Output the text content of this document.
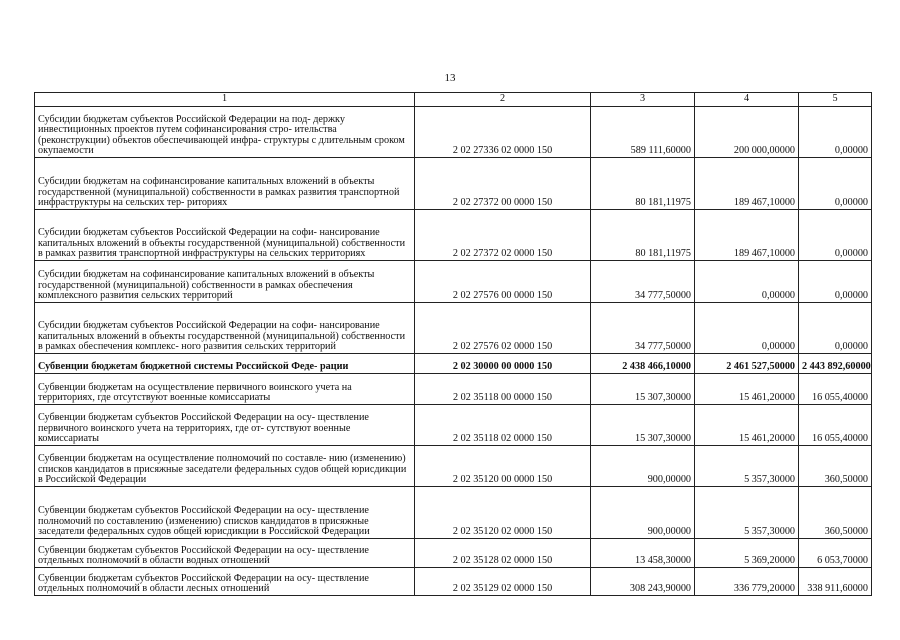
13
1	2	3	4	5
Субсидии бюджетам субъектов Российской Федерации на под- держку инвестиционных проектов путем софинансирования стро- ительства (реконструкции) объектов обеспечивающей инфра- структуры с длительным сроком окупаемости	2 02 27336 02 0000 150	589 111,60000	200 000,00000	0,00000
Субсидии бюджетам на софинансирование капитальных вложений в объекты государственной (муниципальной) собственности в рамках развития транспортной инфраструктуры на сельских тер- риториях	2 02 27372 00 0000 150	80 181,11975	189 467,10000	0,00000
Субсидии бюджетам субъектов Российской Федерации на софи- нансирование капитальных вложений в объекты государственной (муниципальной) собственности в рамках развития транспортной инфраструктуры на сельских территориях	2 02 27372 02 0000 150	80 181,11975	189 467,10000	0,00000
Субсидии бюджетам на софинансирование капитальных вложений в объекты государственной (муниципальной) собственности в рамках обеспечения комплексного развития сельских территорий	2 02 27576 00 0000 150	34 777,50000	0,00000	0,00000
Субсидии бюджетам субъектов Российской Федерации на софи- нансирование капитальных вложений в объекты государственной (муниципальной) собственности в рамках обеспечения комплекс- ного развития сельских территорий	2 02 27576 02 0000 150	34 777,50000	0,00000	0,00000
Субвенции бюджетам бюджетной системы Российской Феде- рации	2 02 30000 00 0000 150	2 438 466,10000	2 461 527,50000	2 443 892,60000
Субвенции бюджетам на осуществление первичного воинского учета на территориях, где отсутствуют военные комиссариаты	2 02 35118 00 0000 150	15 307,30000	15 461,20000	16 055,40000
Субвенции бюджетам субъектов Российской Федерации на осу- ществление первичного воинского учета на территориях, где от- сутствуют военные комиссариаты	2 02 35118 02 0000 150	15 307,30000	15 461,20000	16 055,40000
Субвенции бюджетам на осуществление полномочий по составле- нию (изменению) списков кандидатов в присяжные заседатели федеральных судов общей юрисдикции в Российской Федерации	2 02 35120 00 0000 150	900,00000	5 357,30000	360,50000
Субвенции бюджетам субъектов Российской Федерации на осу- ществление полномочий по составлению (изменению) списков кандидатов в присяжные заседатели федеральных судов общей юрисдикции в Российской Федерации	2 02 35120 02 0000 150	900,00000	5 357,30000	360,50000
Субвенции бюджетам субъектов Российской Федерации на осу- ществление отдельных полномочий в области водных отношений	2 02 35128 02 0000 150	13 458,30000	5 369,20000	6 053,70000
Субвенции бюджетам субъектов Российской Федерации на осу- ществление отдельных полномочий в области лесных отношений	2 02 35129 02 0000 150	308 243,90000	336 779,20000	338 911,60000
